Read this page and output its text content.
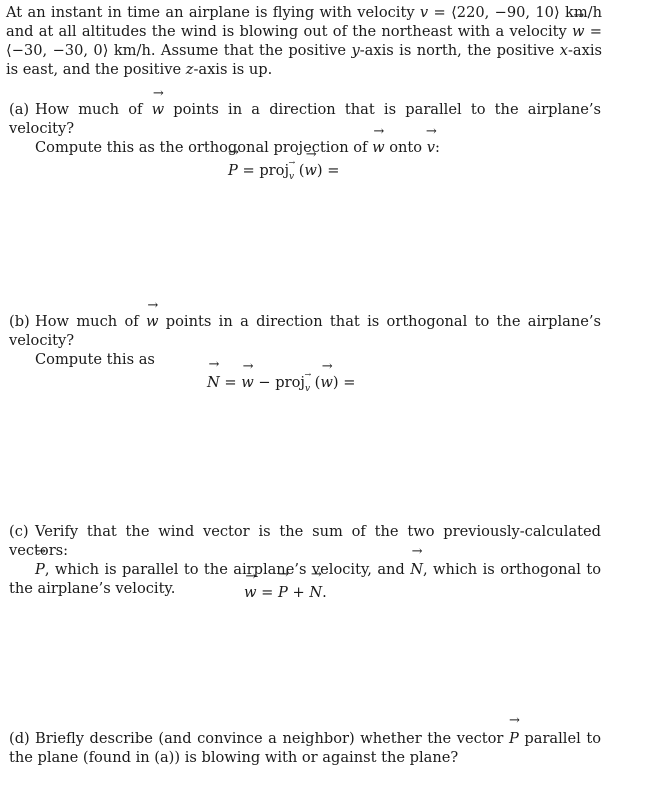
At an instant in time an airplane is flying with velocity → v = ⟨220, −90, 10⟩ km/h and at all altitudes the wind is blowing out of the northeast with a velocity → w = ⟨−30, −30, 0⟩ km/h. Assume that the positive y-axis is north, the positive x-axis is east, and the positive z-axis is up.
(a) How much of → w points in a direction that is parallel to the airplane’s velocity?
Compute this as the orthogonal projection of → w onto → v:
→ P = proj→ $_v$ (→ w) =
(b) How much of → w points in a direction that is orthogonal to the airplane’s velocity?
Compute this as
→ N = → w − proj→ $_v$ (→ w) =
(c) Verify that the wind vector is the sum of the two previously-calculated vectors:
→ P, which is parallel to the airplane’s velocity, and → N, which is orthogonal to the airplane’s velocity.
→	w = → P + → N.
(d) Briefly describe (and convince a neighbor) whether the vector → P parallel to the plane (found in (a)) is blowing with or against the plane?
